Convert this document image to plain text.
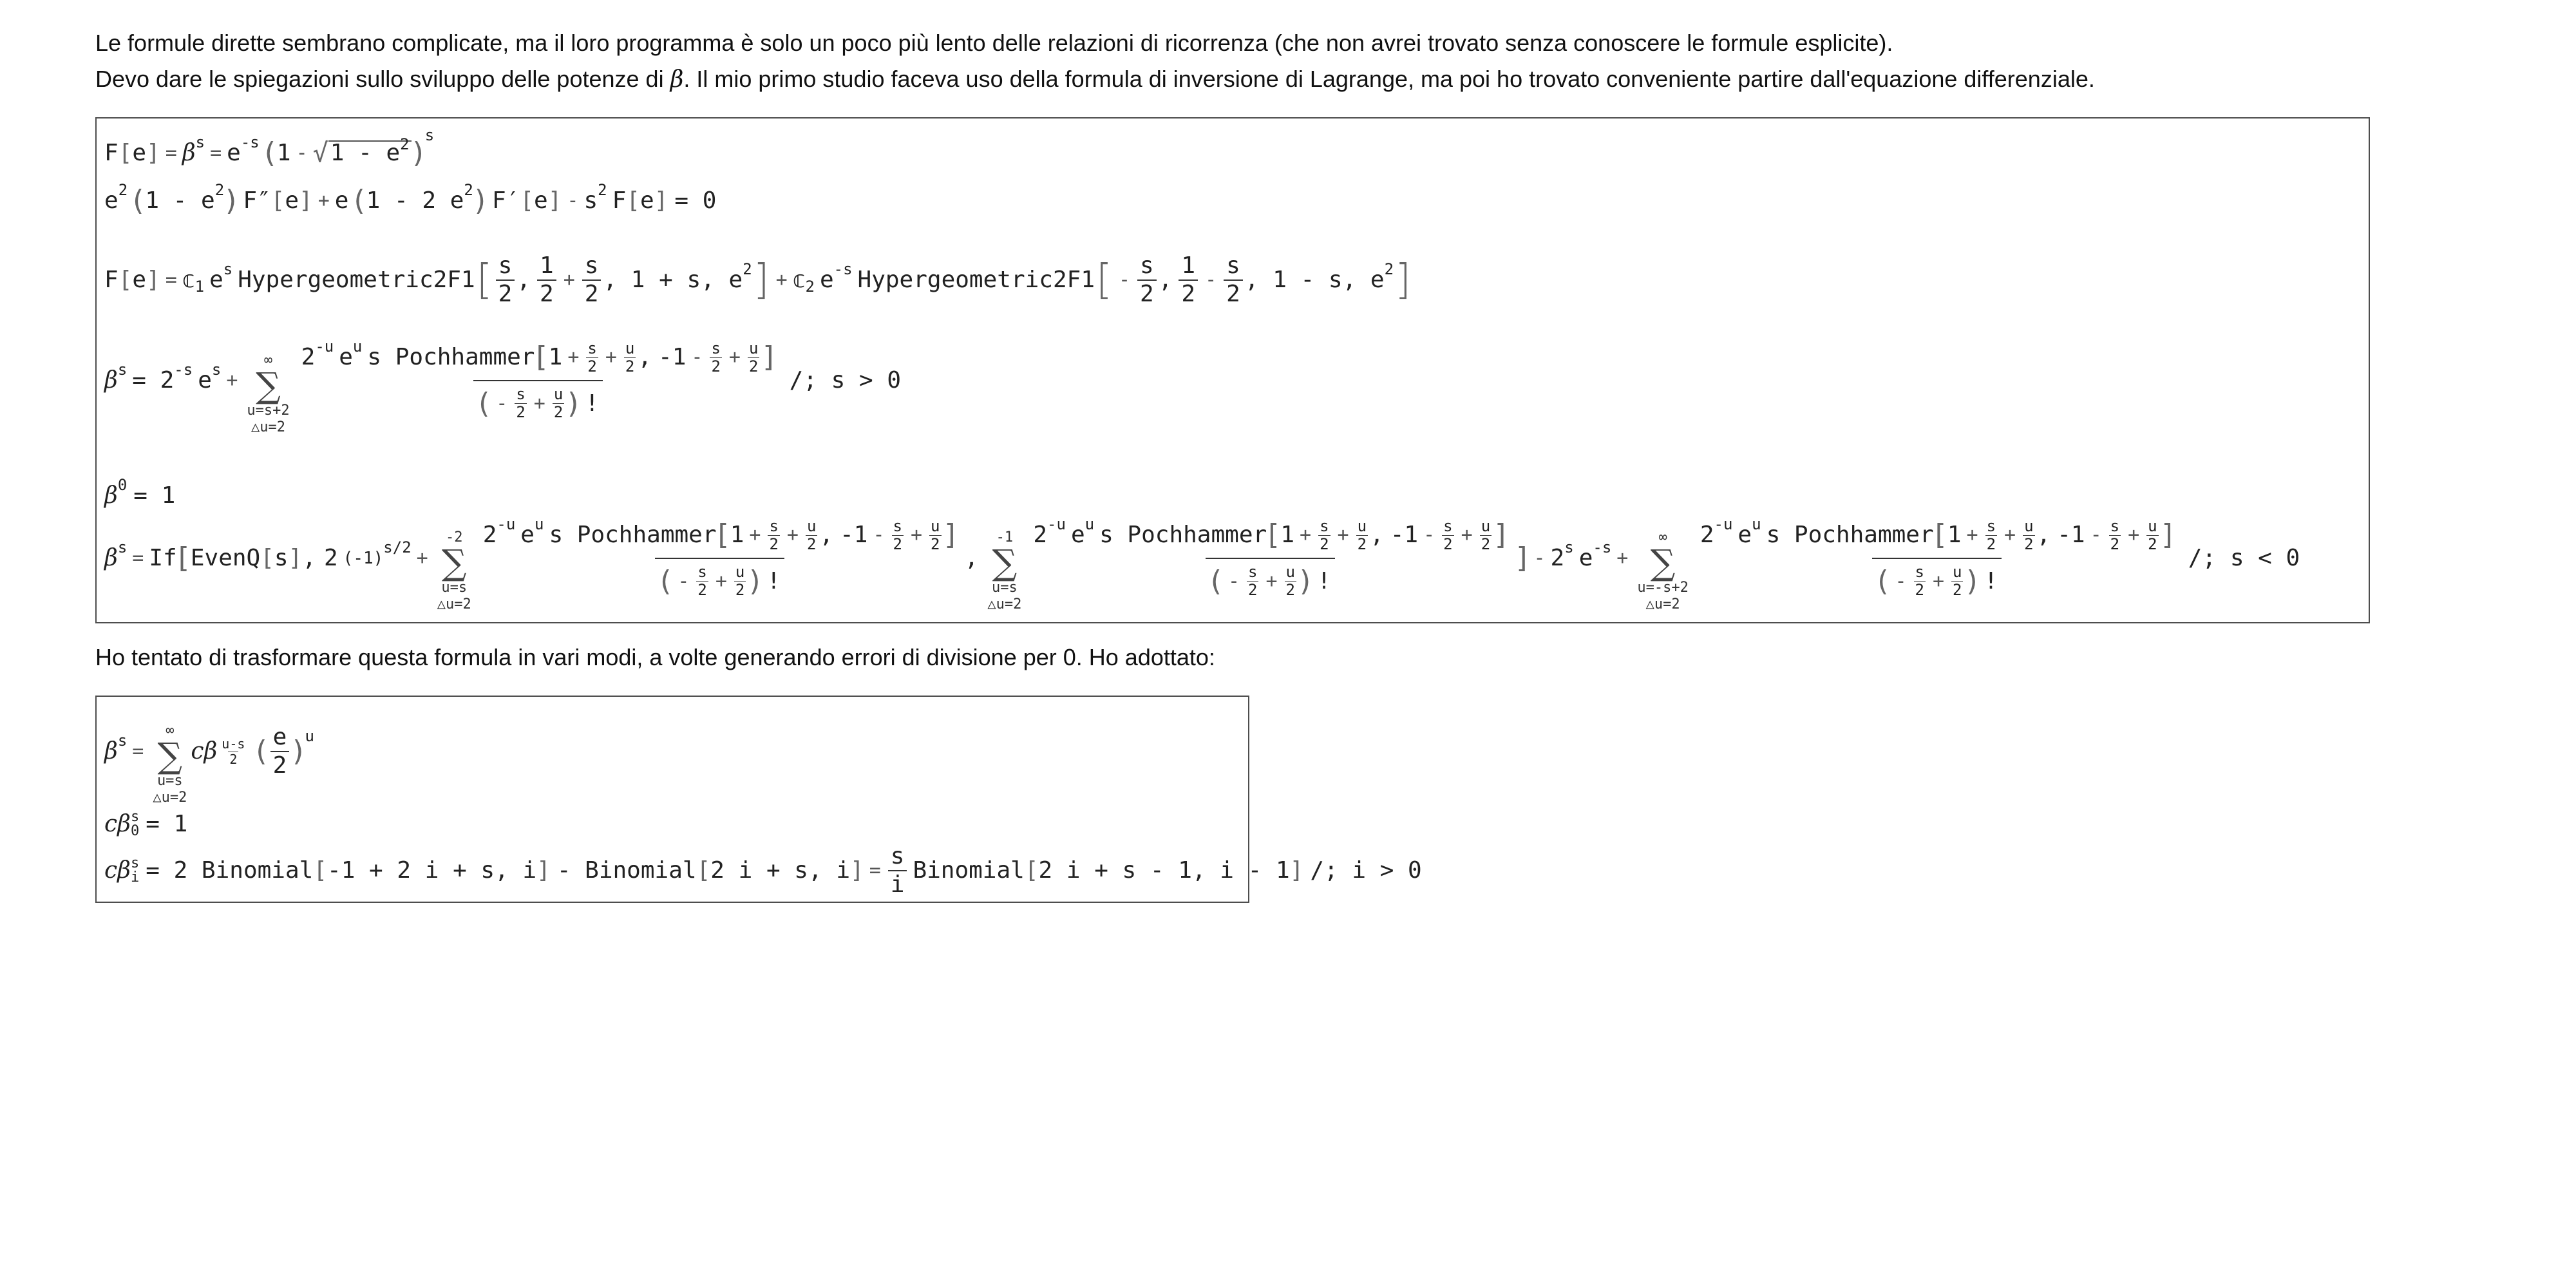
Le formule dirette sembrano complicate, ma il loro programma è solo un poco più lento delle relazioni di ricorrenza (che non avrei trovato senza conoscere le formule esplicite).
Devo dare le spiegazioni sullo sviluppo delle potenze di β. Il mio primo studio faceva uso della formula di inversione di Lagrange, ma poi ho trovato conveniente partire dall'equazione differenziale.
F [ e ] = β s = e -s ( 1 - √ $1 - e^2$ )
s
e 2 ( 1 - e 2 ) F″ [ e ] + e ( 1 - 2 e 2 ) F′ [ e ] - s 2 F [ e ] = 0
F [ e ] = 𝕔 1 e s Hypergeometric2F1 [ $\frac{s}{2}$ , $\frac{1}{2} + \frac{s}{2}$ , 1 + s, e 2 ] + 𝕔 2 e -s Hypergeometric2F1 [ - $\frac{s}{2}$ , $\frac{1}{2} - \frac{s}{2}$ , 1 - s, e 2 ]
β s = 2 -s e s +
∞
∑
u=s+2
△u=2
2 -u e u s Pochhammer [ $1 + \frac{s}{2} + \frac{u}{2}$ , $-1 - \frac{s}{2} + \frac{u}{2}$ ]
( - $\frac{s}{2} + \frac{u}{2}$ ) !
/; s > 0
β 0 = 1
β s = If [ EvenQ [ s ] , 2 (-1)
s/2 +
-2
∑
u=s
△u=2
2 -u e u s Pochhammer [ $1 + \frac{s}{2} + \frac{u}{2}$ , $-1 - \frac{s}{2} + \frac{u}{2}$ ]
( - $\frac{s}{2} + \frac{u}{2}$ ) !
,
-1
∑
u=s
△u=2
2 -u e u s Pochhammer [ $1 + \frac{s}{2} + \frac{u}{2}$ , $-1 - \frac{s}{2} + \frac{u}{2}$ ]
( - $\frac{s}{2} + \frac{u}{2}$ ) !
] - 2 s e -s +
∞
∑
u=-s+2
△u=2
2 -u e u s Pochhammer [ $1 + \frac{s}{2} + \frac{u}{2}$ , $-1 - \frac{s}{2} + \frac{u}{2}$ ]
( - $\frac{s}{2} + \frac{u}{2}$ ) !
/; s < 0
Ho tentato di trasformare questa formula in vari modi, a volte generando errori di divisione per 0. Ho adottato:
β s =
∞
∑
u=s
△u=2
cβ $\frac{u-s}{2}$ ( $\frac{e}{2}$ ) u
cβ s
0 = 1
cβ s
i = 2 Binomial [ -1 + 2 i + s, i ] - Binomial [ 2 i + s, i ] = $\frac{s}{i}$ Binomial [ 2 i + s - 1, i - 1 ] /; i > 0
